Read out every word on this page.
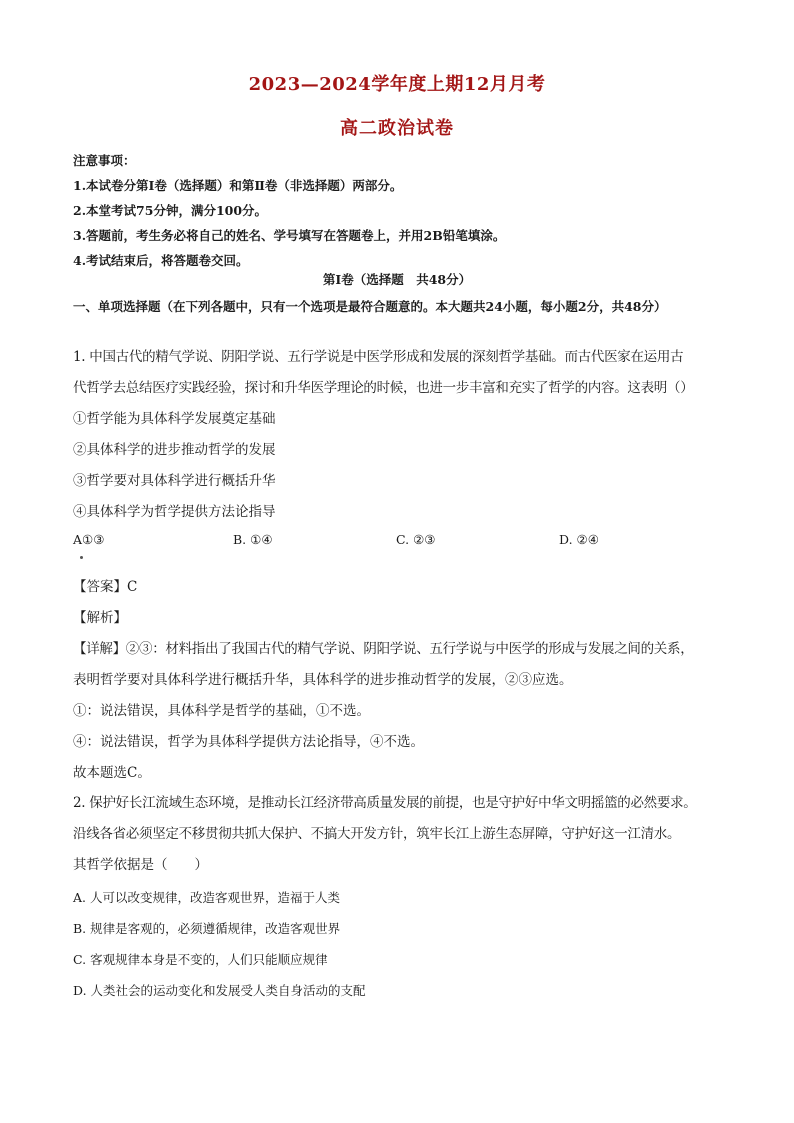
2023—2024学年度上期12月月考
高二政治试卷
注意事项：
1.本试卷分第Ⅰ卷（选择题）和第Ⅱ卷（非选择题）两部分。
2.本堂考试75分钟，满分100分。
3.答题前，考生务必将自己的姓名、学号填写在答题卷上，并用2B铅笔填涂。
4.考试结束后，将答题卷交回。
第Ⅰ卷（选择题　共48分）
一、单项选择题（在下列各题中，只有一个选项是最符合题意的。本大题共24小题，每小题2分，共48分）
1. 中国古代的精气学说、阴阳学说、五行学说是中医学形成和发展的深刻哲学基础。而古代医家在运用古
代哲学去总结医疗实践经验，探讨和升华医学理论的时候，也进一步丰富和充实了哲学的内容。这表明（）
①哲学能为具体科学发展奠定基础
②具体科学的进步推动哲学的发展
③哲学要对具体科学进行概括升华
④具体科学为哲学提供方法论指导
A①③	B. ①④	C. ②③	D. ②④
【答案】C
【解析】
【详解】②③：材料指出了我国古代的精气学说、阴阳学说、五行学说与中医学的形成与发展之间的关系，
表明哲学要对具体科学进行概括升华，具体科学的进步推动哲学的发展，②③应选。
①：说法错误，具体科学是哲学的基础，①不选。
④：说法错误，哲学为具体科学提供方法论指导，④不选。
故本题选C。
2. 保护好长江流域生态环境，是推动长江经济带高质量发展的前提，也是守护好中华文明摇篮的必然要求。
沿线各省必须坚定不移贯彻共抓大保护、不搞大开发方针，筑牢长江上游生态屏障，守护好这一江清水。
其哲学依据是（　　）
A. 人可以改变规律，改造客观世界，造福于人类
B. 规律是客观的，必须遵循规律，改造客观世界
C. 客观规律本身是不变的，人们只能顺应规律
D. 人类社会的运动变化和发展受人类自身活动的支配
